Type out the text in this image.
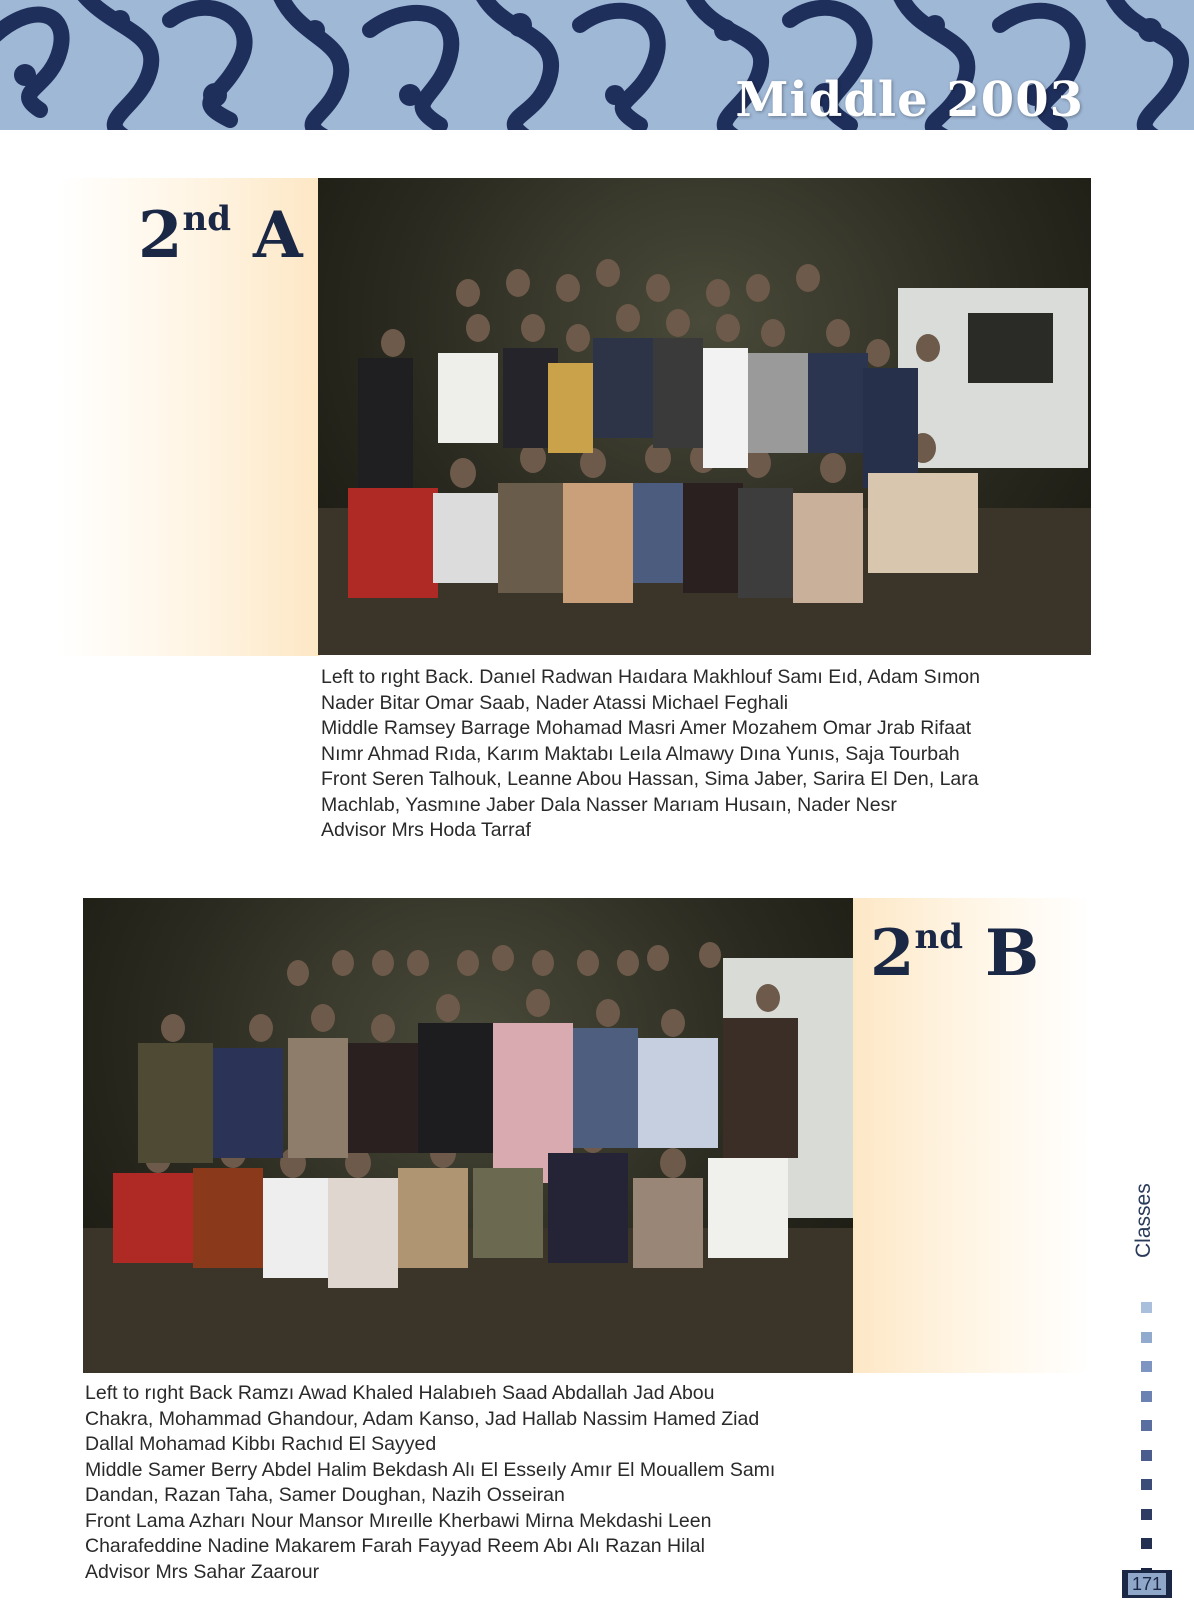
Middle 2003
2nd A
Left to rıght Back. Danıel Radwan Haıdara Makhlouf Samı Eıd, Adam Sımon
Nader Bitar Omar Saab, Nader Atassi Michael Feghali
Middle Ramsey Barrage Mohamad Masri Amer Mozahem Omar Jrab Rifaat
Nımr Ahmad Rıda, Karım Maktabı Leıla Almawy Dına Yunıs, Saja Tourbah
Front Seren Talhouk, Leanne Abou Hassan, Sima Jaber, Sarira El Den, Lara
Machlab, Yasmıne Jaber Dala Nasser Marıam Husaın, Nader Nesr
Advisor Mrs Hoda Tarraf
2nd B
Left to rıght Back Ramzı Awad Khaled Halabıeh Saad Abdallah Jad Abou
Chakra, Mohammad Ghandour, Adam Kanso, Jad Hallab Nassim Hamed Ziad
Dallal Mohamad Kibbı Rachıd El Sayyed
Middle Samer Berry Abdel Halim Bekdash Alı El Esseıly Amır El Mouallem Samı
Dandan, Razan Taha, Samer Doughan, Nazih Osseiran
Front Lama Azharı Nour Mansor Mıreılle Kherbawi Mirna Mekdashi Leen
Charafeddine Nadine Makarem Farah Fayyad Reem Abı Alı Razan Hilal
Advisor Mrs Sahar Zaarour
Classes
171
